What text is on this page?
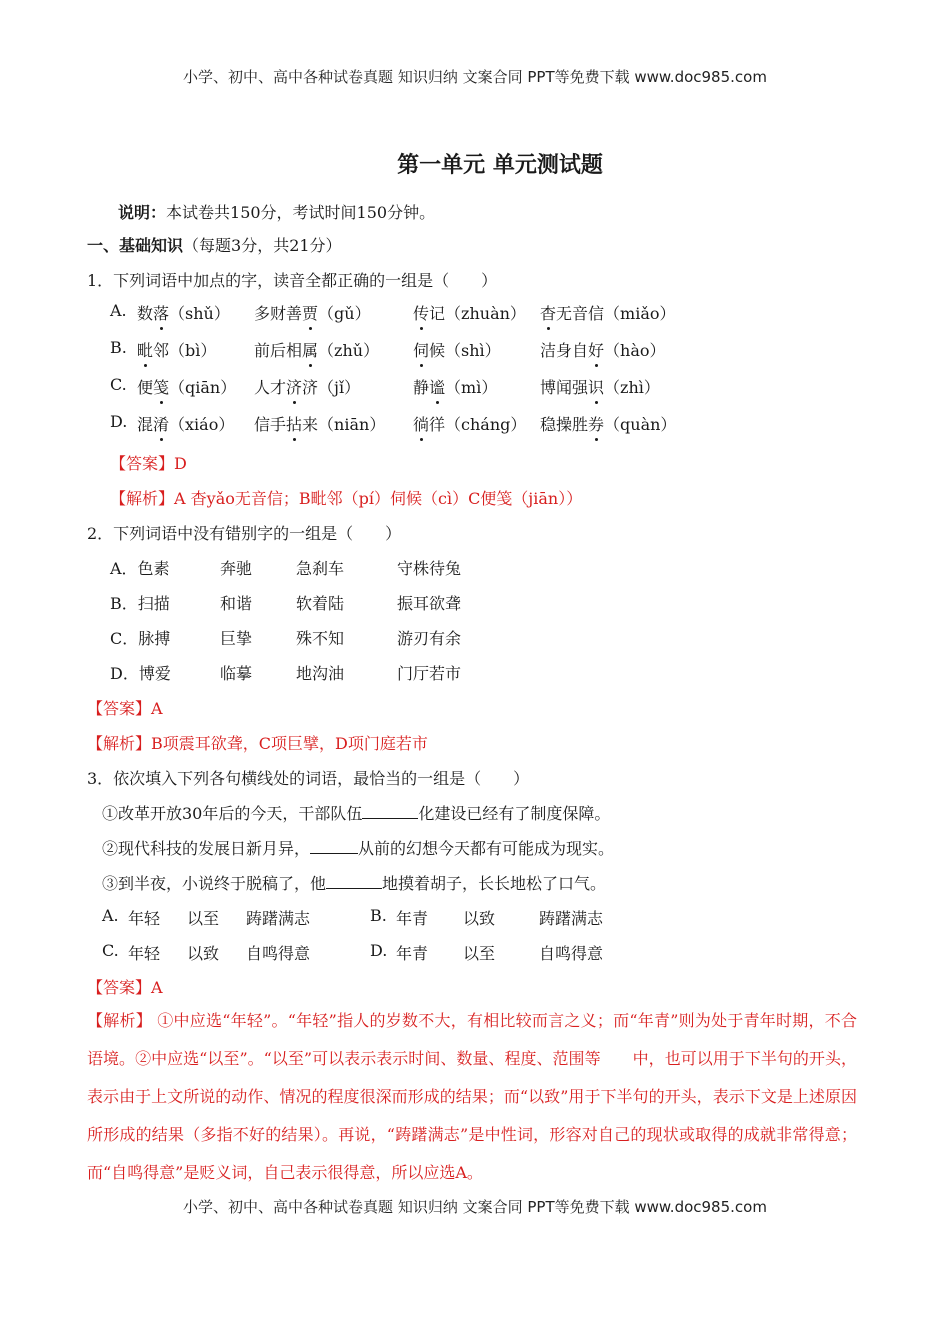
小学、初中、高中各种试卷真题 知识归纳 文案合同 PPT等免费下载 www.doc985.com
第一单元 单元测试题
说明：本试卷共150分，考试时间150分钟。
一、基础知识（每题3分，共21分）
1．下列词语中加点的字，读音全都正确的一组是（　　）
A. 数落（shǔ） 多财善贾（gǔ）	传记（zhuàn） 杳无音信（miǎo）
B. 毗邻（bì） 前后相属（zhǔ） 伺候（shì） 洁身自好（hào）
C. 便笺（qiān） 人才济济（jǐ）	静谧（mì）	博闻强识（zhì）
D. 混淆（xiáo） 信手拈来（niān） 徜徉（cháng） 稳操胜券（quàn）
【答案】D
【解析】A 杳yǎo无音信；B毗邻（pí）伺候（cì）C便笺（jiān））
2．下列词语中没有错别字的一组是（　　）
A．色素	奔驰	急刹车	守株待兔
B．扫描	和谐	软着陆	振耳欲聋
C．脉搏	巨挚	殊不知	游刃有余
D．博爱	临摹	地沟油	门厅若市
【答案】A
【解析】B项震耳欲聋，C项巨擘，D项门庭若市
3．依次填入下列各句横线处的词语，最恰当的一组是（　　）
①改革开放30年后的今天，干部队伍	化建设已经有了制度保障。
②现代科技的发展日新月异，	从前的幻想今天都有可能成为现实。
③到半夜，小说终于脱稿了，他	地摸着胡子，长长地松了口气。
A. 年轻 以至 踌躇满志	B. 年青 以致	踌躇满志
C. 年轻 以致 自鸣得意	D. 年青 以至	自鸣得意
【答案】A
【解析】 ①中应选“年轻”。“年轻”指人的岁数不大，有相比较而言之义；而“年青”则为处于青年时期，不合语境。②中应选“以至”。“以至”可以表示表示时间、数量、程度、范围等　　中，也可以用于下半句的开头，表示由于上文所说的动作、情况的程度很深而形成的结果；而“以致”用于下半句的开头，表示下文是上述原因所形成的结果（多指不好的结果）。再说，“踌躇满志”是中性词，形容对自己的现状或取得的成就非常得意；而“自鸣得意”是贬义词，自己表示很得意，所以应选A。
小学、初中、高中各种试卷真题 知识归纳 文案合同 PPT等免费下载 www.doc985.com
